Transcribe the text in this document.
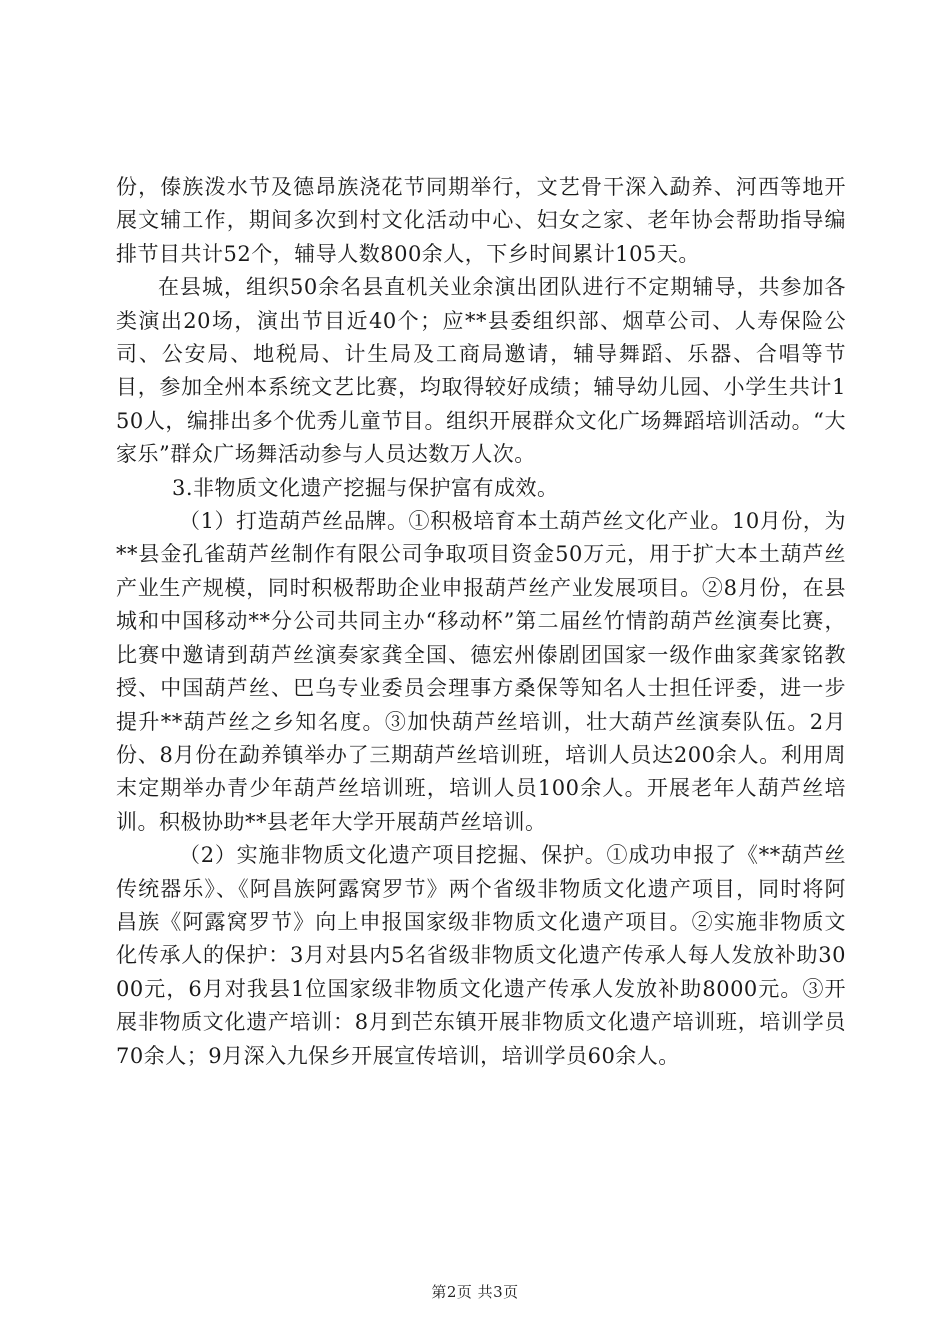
份，傣族泼水节及德昂族浇花节同期举行，文艺骨干深入勐养、河西等地开展文辅工作，期间多次到村文化活动中心、妇女之家、老年协会帮助指导编排节目共计52个，辅导人数800余人，下乡时间累计105天。

在县城，组织50余名县直机关业余演出团队进行不定期辅导，共参加各类演出20场，演出节目近40个；应**县委组织部、烟草公司、人寿保险公司、公安局、地税局、计生局及工商局邀请，辅导舞蹈、乐器、合唱等节目，参加全州本系统文艺比赛，均取得较好成绩；辅导幼儿园、小学生共计150人，编排出多个优秀儿童节目。组织开展群众文化广场舞蹈培训活动。“大家乐”群众广场舞活动参与人员达数万人次。

3.非物质文化遗产挖掘与保护富有成效。

（1）打造葫芦丝品牌。①积极培育本土葫芦丝文化产业。10月份，为**县金孔雀葫芦丝制作有限公司争取项目资金50万元，用于扩大本土葫芦丝产业生产规模，同时积极帮助企业申报葫芦丝产业发展项目。②8月份，在县城和中国移动**分公司共同主办“移动杯”第二届丝竹情韵葫芦丝演奏比赛，比赛中邀请到葫芦丝演奏家龚全国、德宏州傣剧团国家一级作曲家龚家铭教授、中国葫芦丝、巴乌专业委员会理事方桑保等知名人士担任评委，进一步提升**葫芦丝之乡知名度。③加快葫芦丝培训，壮大葫芦丝演奏队伍。2月份、8月份在勐养镇举办了三期葫芦丝培训班，培训人员达200余人。利用周末定期举办青少年葫芦丝培训班，培训人员100余人。开展老年人葫芦丝培训。积极协助**县老年大学开展葫芦丝培训。

（2）实施非物质文化遗产项目挖掘、保护。①成功申报了《**葫芦丝传统器乐》、《阿昌族阿露窝罗节》两个省级非物质文化遗产项目，同时将阿昌族《阿露窝罗节》向上申报国家级非物质文化遗产项目。②实施非物质文化传承人的保护：3月对县内5名省级非物质文化遗产传承人每人发放补助3000元，6月对我县1位国家级非物质文化遗产传承人发放补助8000元。③开展非物质文化遗产培训：8月到芒东镇开展非物质文化遗产培训班，培训学员70余人；9月深入九保乡开展宣传培训，培训学员60余人。

第2页 共3页
